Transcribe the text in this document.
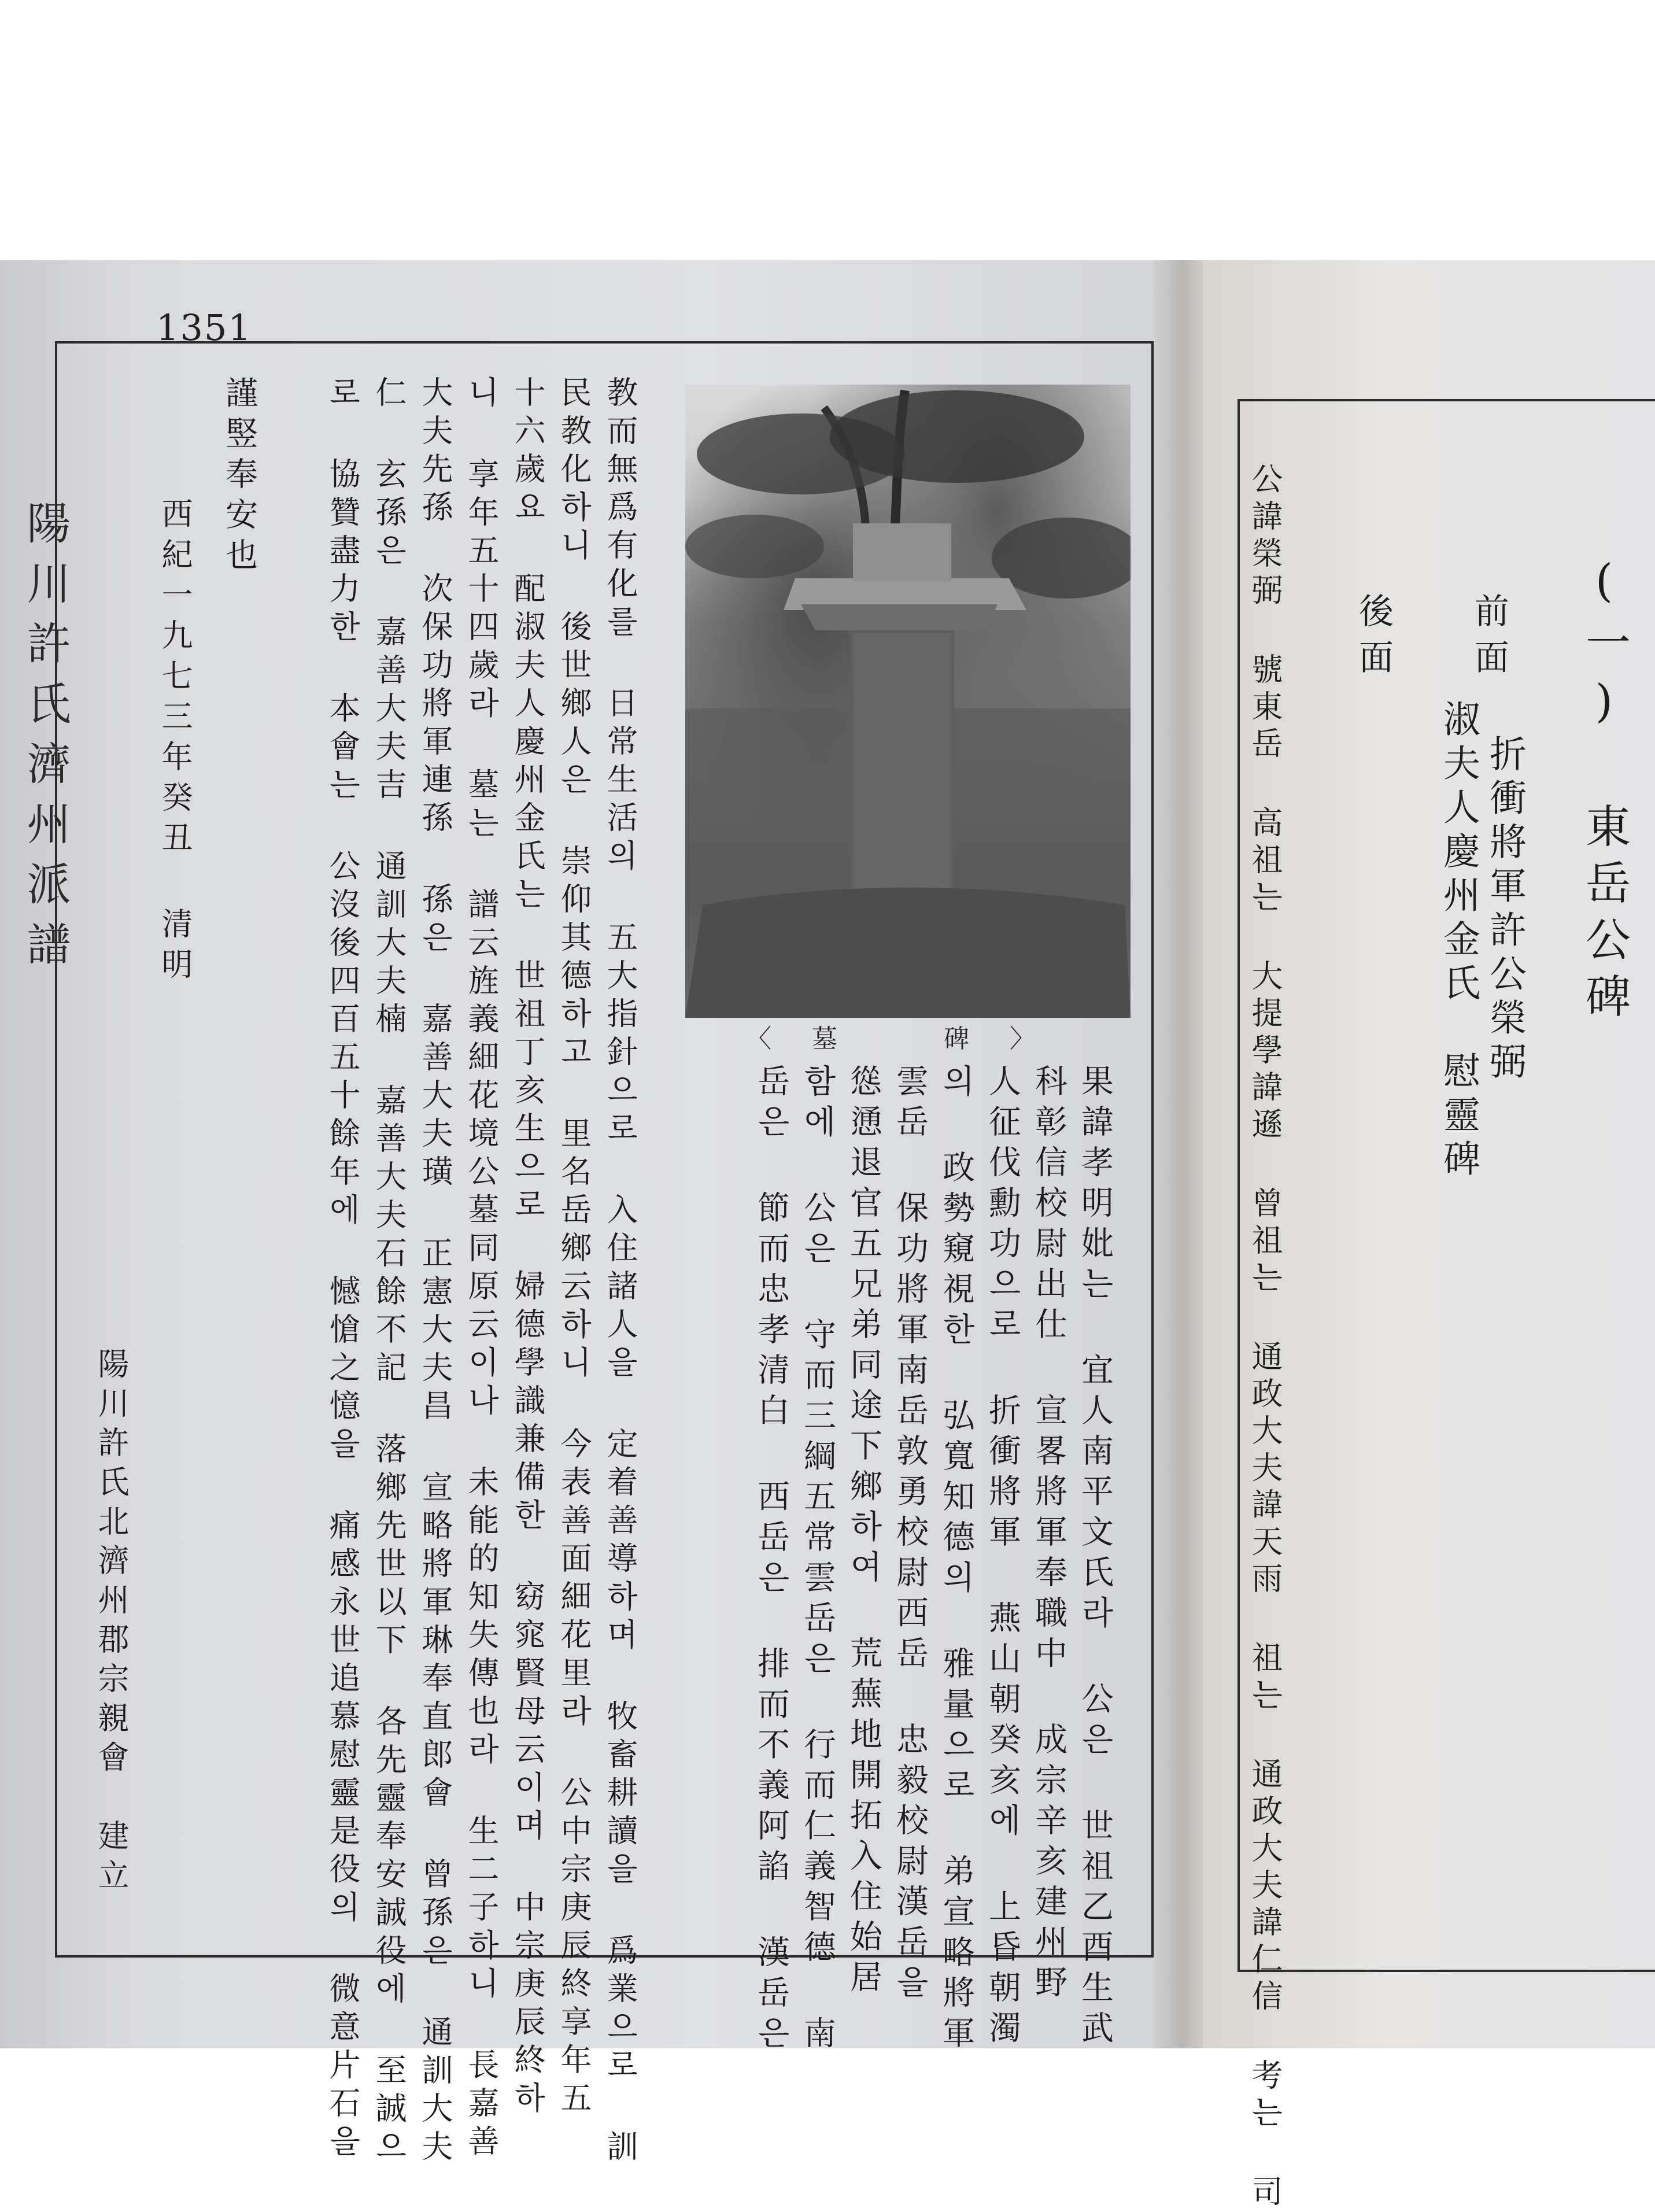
1351
陽川許氏濟州派譜
〈墓　碑〉
果諱孝明妣는 宜人南平文氏라 公은 世祖乙酉生武
科彰信校尉出仕 宣畧將軍奉職中 成宗辛亥建州野
人征伐勳功으로 折衝將軍 燕山朝癸亥에 上昏朝濁
의 政勢窺視한 弘寬知德의 雅量으로 弟宣略將軍
雲岳 保功將軍南岳敦勇校尉西岳 忠毅校尉漢岳을
慫慂退官五兄弟同途下鄉하여 荒蕪地開拓入住始居
함에 公은 守而三綱五常雲岳은 行而仁義智德 南
岳은 節而忠孝清白 西岳은 排而不義阿諂 漢岳은
教而無爲有化를 日常生活의 五大指針으로 入住諸人을 定着善導하며 牧畜耕讀을 爲業으로 訓
民教化하니 後世鄉人은 崇仰其德하고 里名岳鄉云하니 今表善面細花里라 公中宗庚辰終享年五
十六歲요 配淑夫人慶州金氏는 世祖丁亥生으로 婦德學識兼備한 窈窕賢母云이며 中宗庚辰終하
니 享年五十四歲라 墓는 譜云旌義細花境公墓同原云이나 未能的知失傳也라 生二子하니 長嘉善
大夫先孫 次保功將軍連孫 孫은 嘉善大夫璜 正憲大夫昌 宣略將軍琳奉直郎會 曾孫은 通訓大夫
仁 玄孫은 嘉善大夫吉 通訓大夫楠 嘉善大夫石餘不記 落鄉先世以下 各先靈奉安誠役에 至誠으
로 協贊盡力한 本會는 公沒後四百五十餘年에 憾愴之憶을 痛感永世追慕慰靈是役의 微意片石을
謹竪奉安也
西紀一九七三年癸丑 清明
陽川許氏北濟州郡宗親會　建立
(一) 東岳公碑
前面
折衝將軍許公榮弼
淑夫人慶州金氏　慰靈碑
後面
公諱榮弼 號東岳 高祖는 大提學諱遜 曾祖는 通政大夫諱天雨 祖는 通政大夫諱仁信 考는 司
